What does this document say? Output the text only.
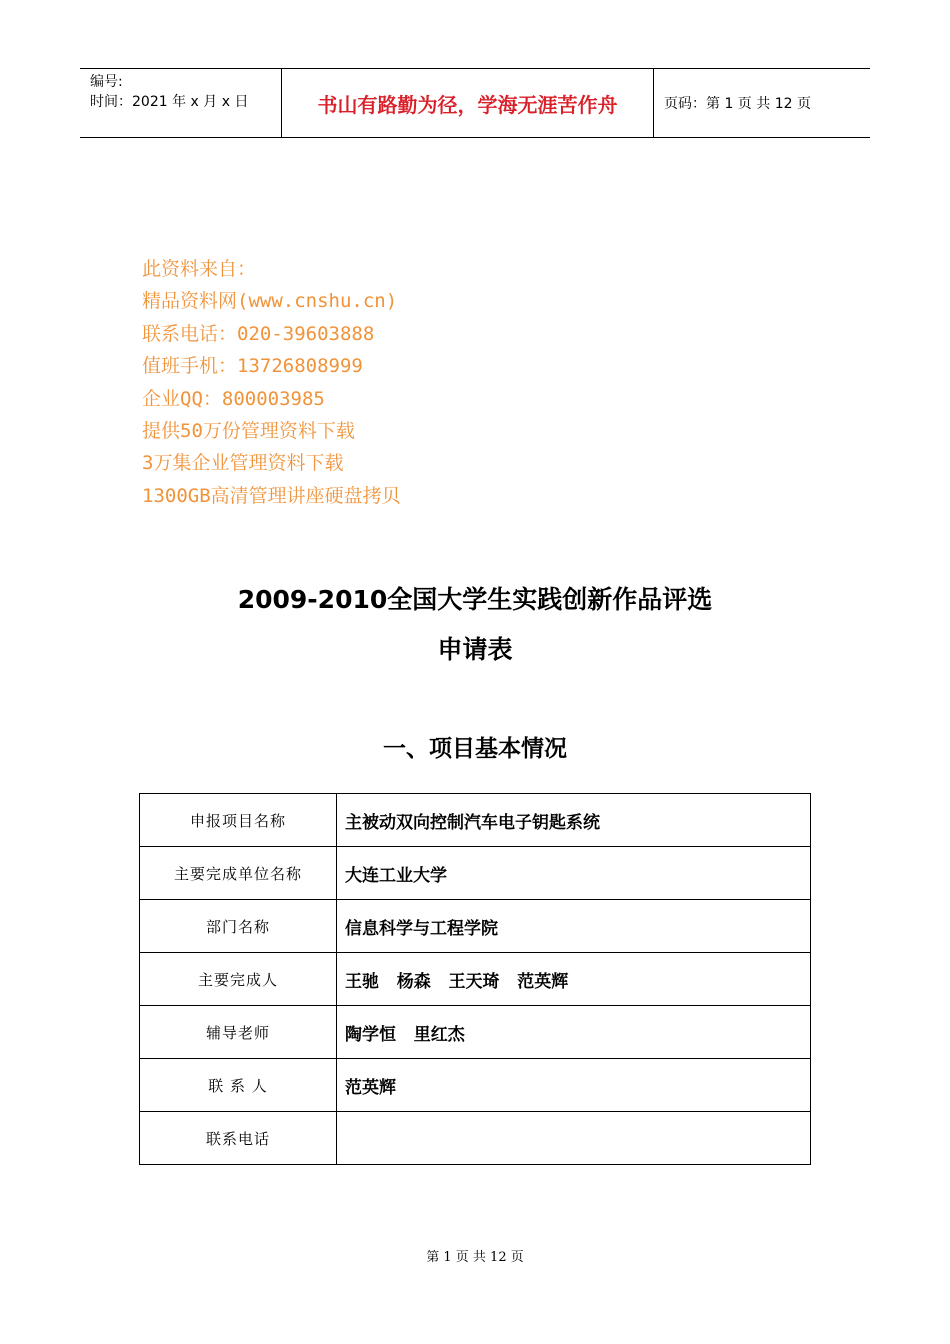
编号:
时间：2021 年 x 月 x 日	书山有路勤为径，学海无涯苦作舟	页码：第 1 页 共 12 页
此资料来自：
精品资料网(www.cnshu.cn)
联系电话：020-39603888
值班手机：13726808999
企业QQ：800003985
提供50万份管理资料下载
3万集企业管理资料下载
1300GB高清管理讲座硬盘拷贝
2009-2010全国大学生实践创新作品评选
申请表
一、项目基本情况
申报项目名称	主被动双向控制汽车电子钥匙系统
主要完成单位名称	大连工业大学
部门名称	信息科学与工程学院
主要完成人	王驰   杨森   王天琦   范英辉
辅导老师	陶学恒   里红杰
联 系 人	范英辉
联系电话	
第 1 页 共 12 页
